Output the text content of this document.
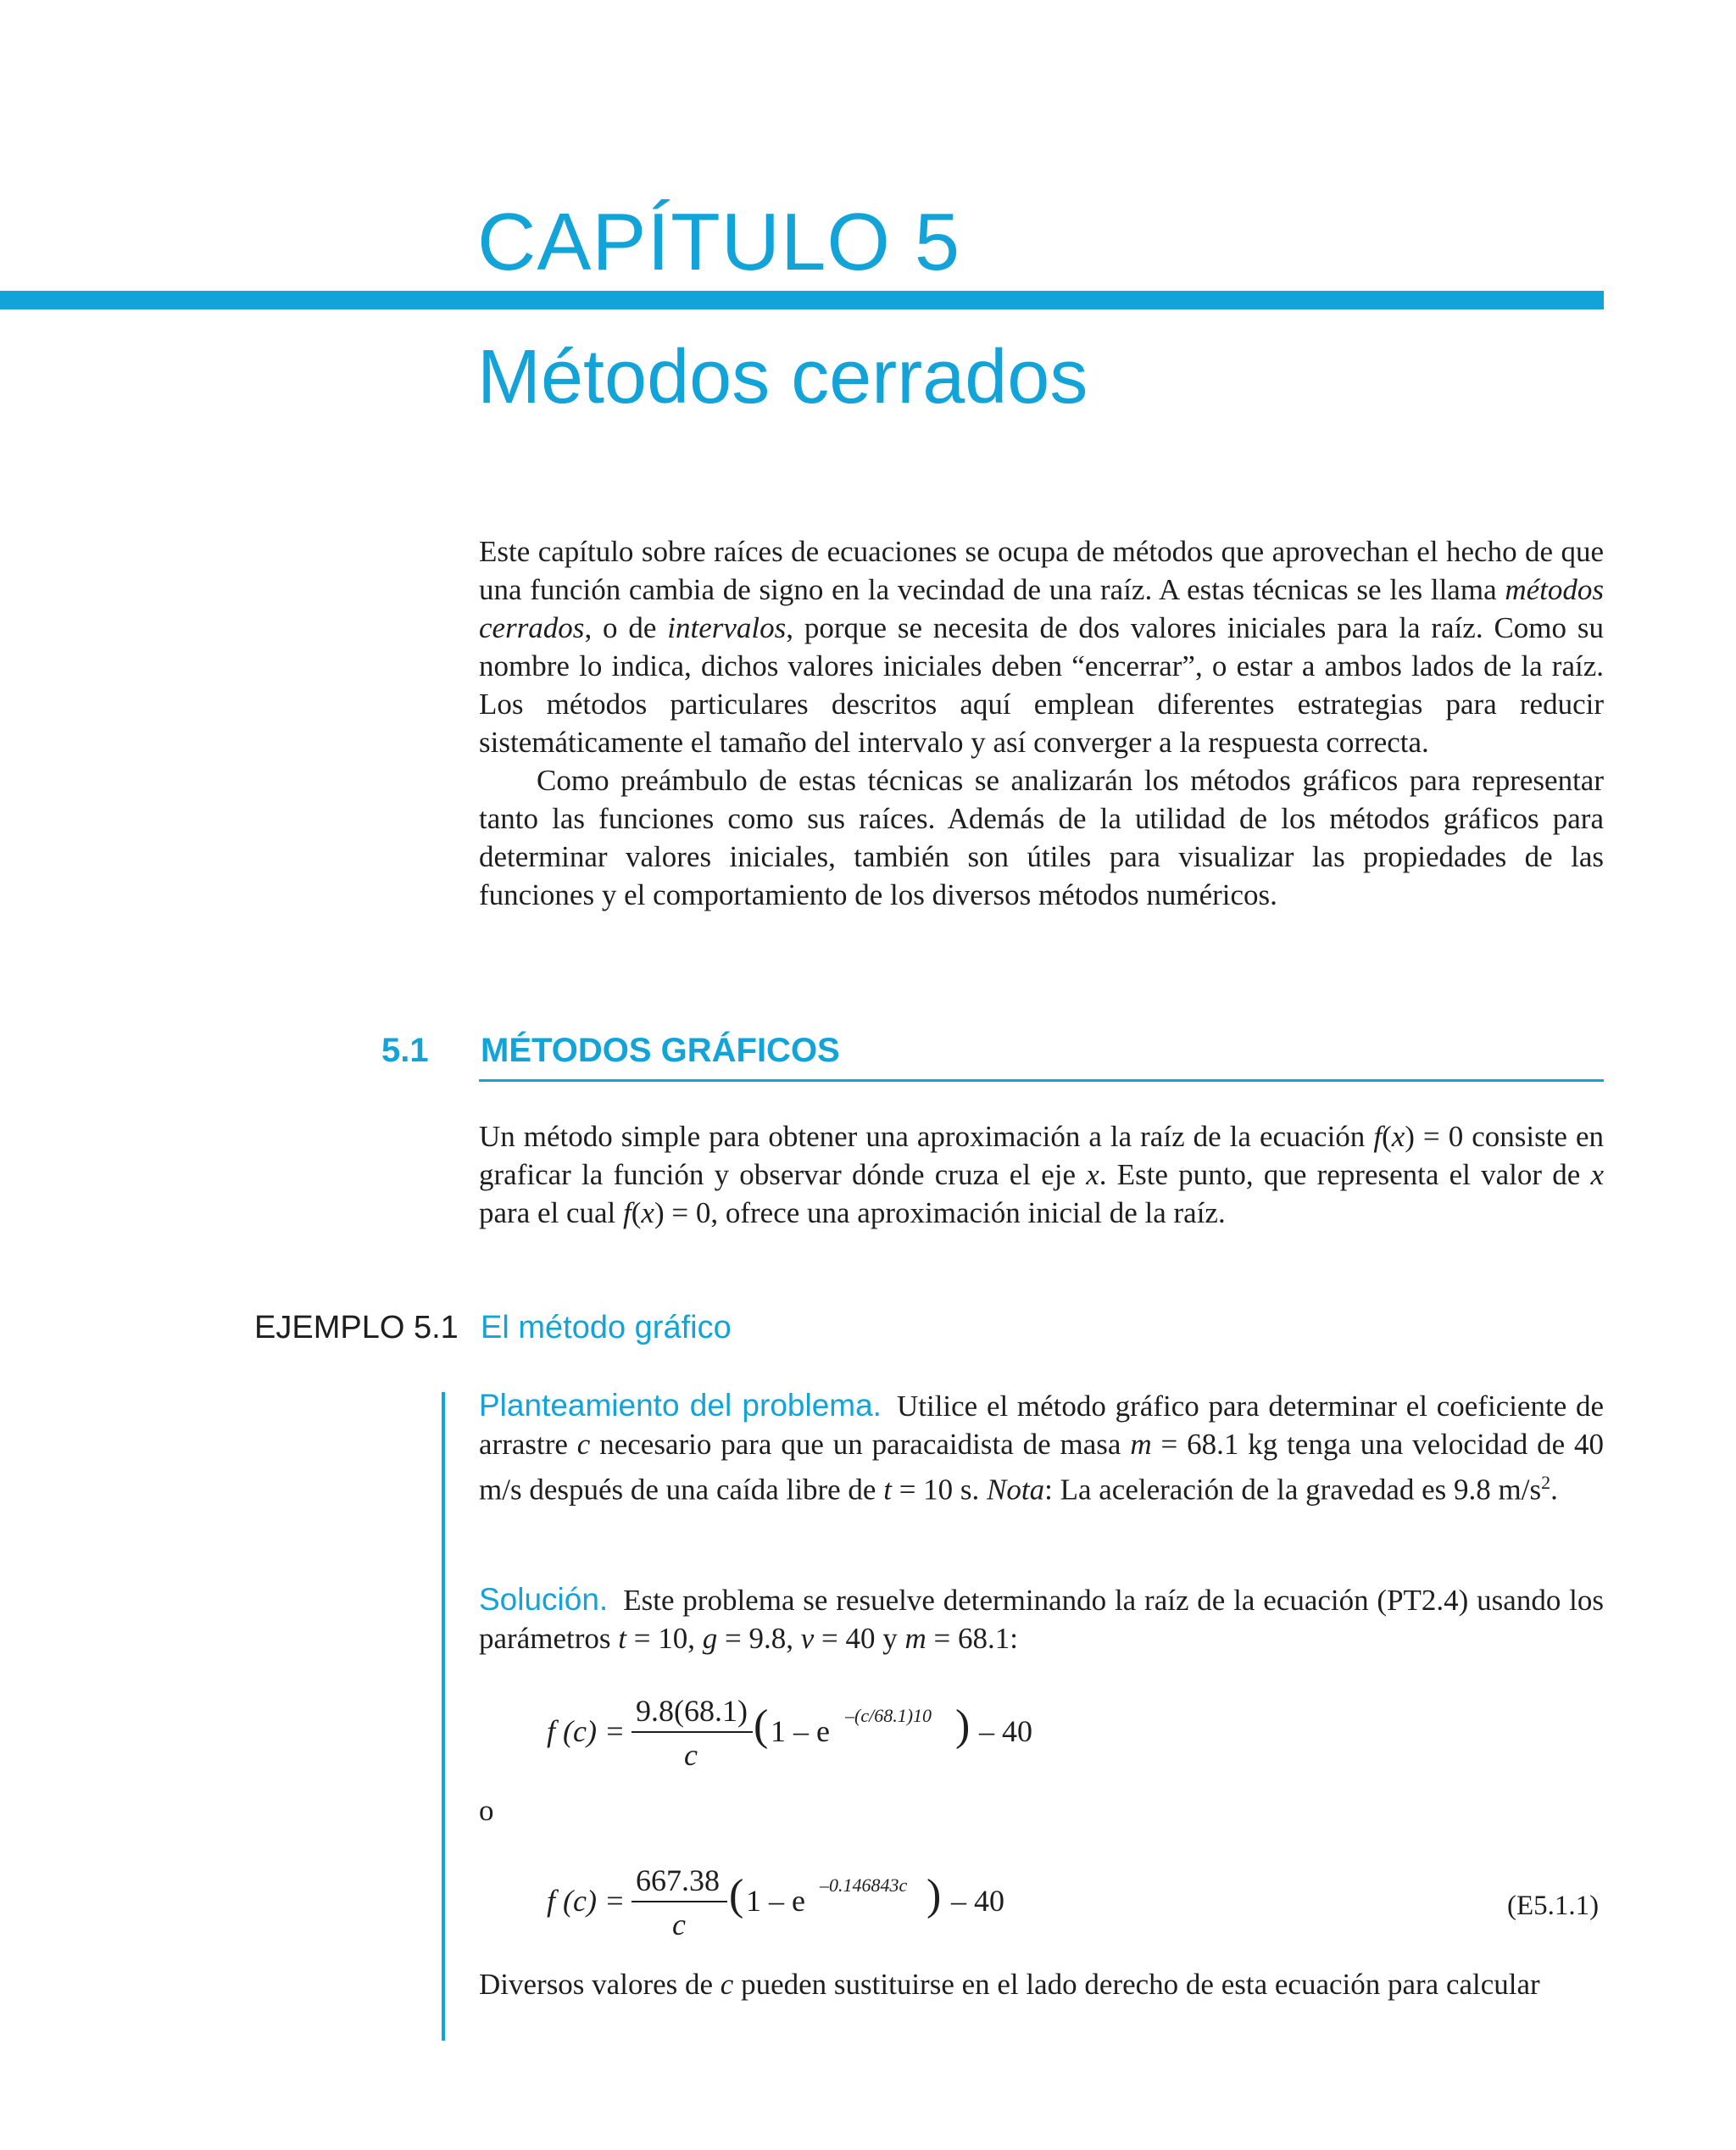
CAPÍTULO 5
Métodos cerrados

Este capítulo sobre raíces de ecuaciones se ocupa de métodos que aprovechan el hecho de que una función cambia de signo en la vecindad de una raíz. A estas técnicas se les llama métodos cerrados, o de intervalos, porque se necesita de dos valores iniciales para la raíz. Como su nombre lo indica, dichos valores iniciales deben “encerrar”, o estar a ambos lados de la raíz. Los métodos particulares descritos aquí emplean diferentes estrategias para reducir sistemáticamente el tamaño del intervalo y así converger a la respuesta correcta.

Como preámbulo de estas técnicas se analizarán los métodos gráficos para representar tanto las funciones como sus raíces. Además de la utilidad de los métodos gráficos para determinar valores iniciales, también son útiles para visualizar las propiedades de las funciones y el comportamiento de los diversos métodos numéricos.

5.1 MÉTODOS GRÁFICOS

Un método simple para obtener una aproximación a la raíz de la ecuación f(x) = 0 consiste en graficar la función y observar dónde cruza el eje x. Este punto, que representa el valor de x para el cual f(x) = 0, ofrece una aproximación inicial de la raíz.

EJEMPLO 5.1 El método gráfico

Planteamiento del problema. Utilice el método gráfico para determinar el coeficiente de arrastre c necesario para que un paracaidista de masa m = 68.1 kg tenga una velocidad de 40 m/s después de una caída libre de t = 10 s. Nota: La aceleración de la gravedad es 9.8 $m/s^2$.

Solución. Este problema se resuelve determinando la raíz de la ecuación (PT2.4) usando los parámetros t = 10, g = 9.8, v = 40 y m = 68.1:

f (c) =
9.8(68.1)
c
( 1 – e –(c/68.1)10 ) – 40
o
f (c) =
667.38
c
( 1 – e –0.146843c ) – 40	(E5.1.1)

Diversos valores de c pueden sustituirse en el lado derecho de esta ecuación para calcular
